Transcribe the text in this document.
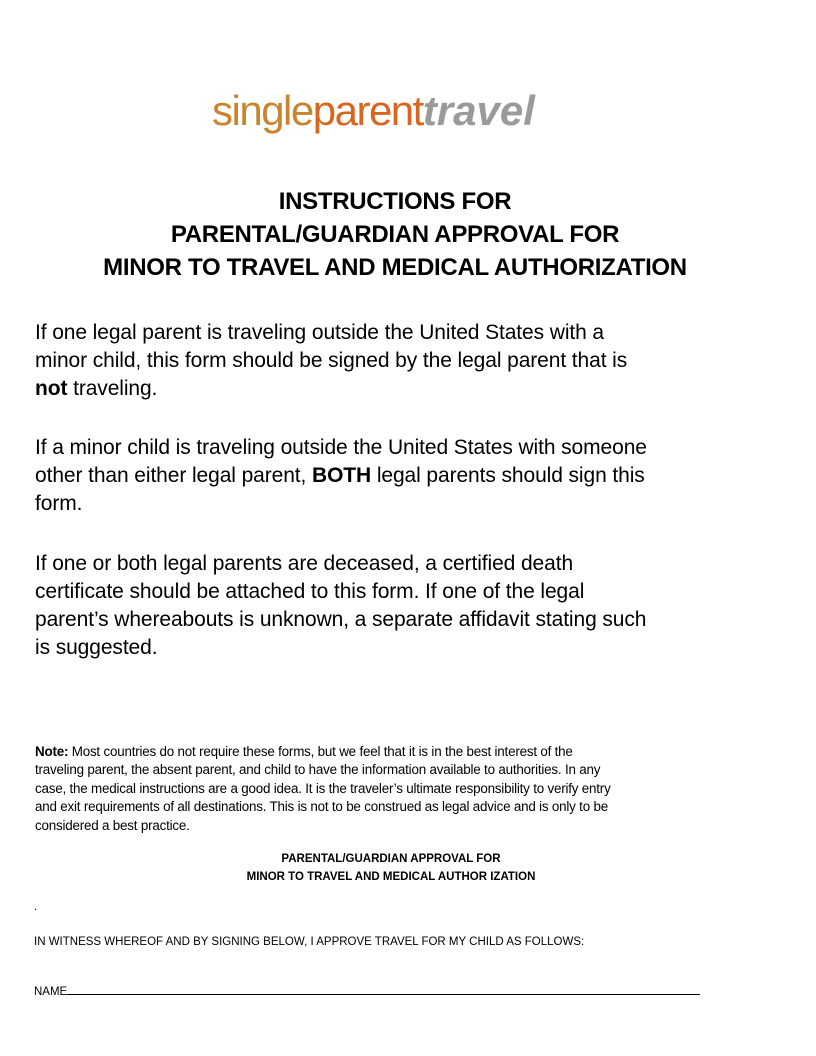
singleparenttravel
INSTRUCTIONS FOR
PARENTAL/GUARDIAN APPROVAL FOR
MINOR TO TRAVEL AND MEDICAL AUTHORIZATION
If one legal parent is traveling outside the United States with a
minor child, this form should be signed by the legal parent that is
not traveling.
If a minor child is traveling outside the United States with someone
other than either legal parent, BOTH legal parents should sign this
form.
If one or both legal parents are deceased, a certified death
certificate should be attached to this form. If one of the legal
parent’s whereabouts is unknown, a separate affidavit stating such
is suggested.
Note: Most countries do not require these forms, but we feel that it is in the best interest of the
traveling parent, the absent parent, and child to have the information available to authorities. In any
case, the medical instructions are a good idea. It is the traveler’s ultimate responsibility to verify entry
and exit requirements of all destinations. This is not to be construed as legal advice and is only to be
considered a best practice.
PARENTAL/GUARDIAN APPROVAL FOR
MINOR TO TRAVEL AND MEDICAL AUTHOR IZATION
.
IN WITNESS WHEREOF AND BY SIGNING BELOW, I APPROVE TRAVEL FOR MY CHILD AS FOLLOWS:
NAME
